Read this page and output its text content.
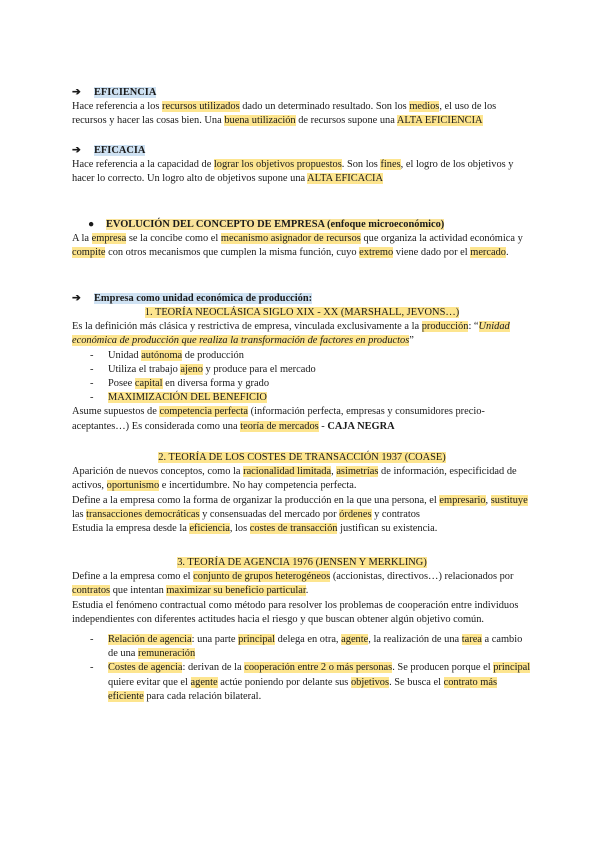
➔ EFICIENCIA

Hace referencia a los recursos utilizados dado un determinado resultado. Son los medios, el uso de los recursos y hacer las cosas bien. Una buena utilización de recursos supone una ALTA EFICIENCIA

➔ EFICACIA

Hace referencia a la capacidad de lograr los objetivos propuestos. Son los fines, el logro de los objetivos y hacer lo correcto. Un logro alto de objetivos supone una ALTA EFICACIA

● EVOLUCIÓN DEL CONCEPTO DE EMPRESA (enfoque microeconómico)

A la empresa se la concibe como el mecanismo asignador de recursos que organiza la actividad económica y compite con otros mecanismos que cumplen la misma función, cuyo extremo viene dado por el mercado.

➔ Empresa como unidad económica de producción:

1. TEORÍA NEOCLÁSICA SIGLO XIX - XX (MARSHALL, JEVONS…)

Es la definición más clásica y restrictiva de empresa, vinculada exclusivamente a la producción: “Unidad económica de producción que realiza la transformación de factores en productos”

- Unidad autónoma de producción
- Utiliza el trabajo ajeno y produce para el mercado
- Posee capital en diversa forma y grado
- MAXIMIZACIÓN DEL BENEFICIO

Asume supuestos de competencia perfecta (información perfecta, empresas y consumidores precio-aceptantes…) Es considerada como una teoría de mercados - CAJA NEGRA

2. TEORÍA DE LOS COSTES DE TRANSACCIÓN 1937 (COASE)

Aparición de nuevos conceptos, como la racionalidad limitada, asimetrías de información, especificidad de activos, oportunismo e incertidumbre. No hay competencia perfecta.

Define a la empresa como la forma de organizar la producción en la que una persona, el empresario, sustituye las transacciones democráticas y consensuadas del mercado por órdenes y contratos

Estudia la empresa desde la eficiencia, los costes de transacción justifican su existencia.

3. TEORÍA DE AGENCIA 1976 (JENSEN Y MERKLING)

Define a la empresa como el conjunto de grupos heterogéneos (accionistas, directivos…) relacionados por contratos que intentan maximizar su beneficio particular.

Estudia el fenómeno contractual como método para resolver los problemas de cooperación entre individuos independientes con diferentes actitudes hacia el riesgo y que buscan obtener algún objetivo común.

- Relación de agencia: una parte principal delega en otra, agente, la realización de una tarea a cambio de una remuneración
- Costes de agencia: derivan de la cooperación entre 2 o más personas. Se producen porque el principal quiere evitar que el agente actúe poniendo por delante sus objetivos. Se busca el contrato más eficiente para cada relación bilateral.
